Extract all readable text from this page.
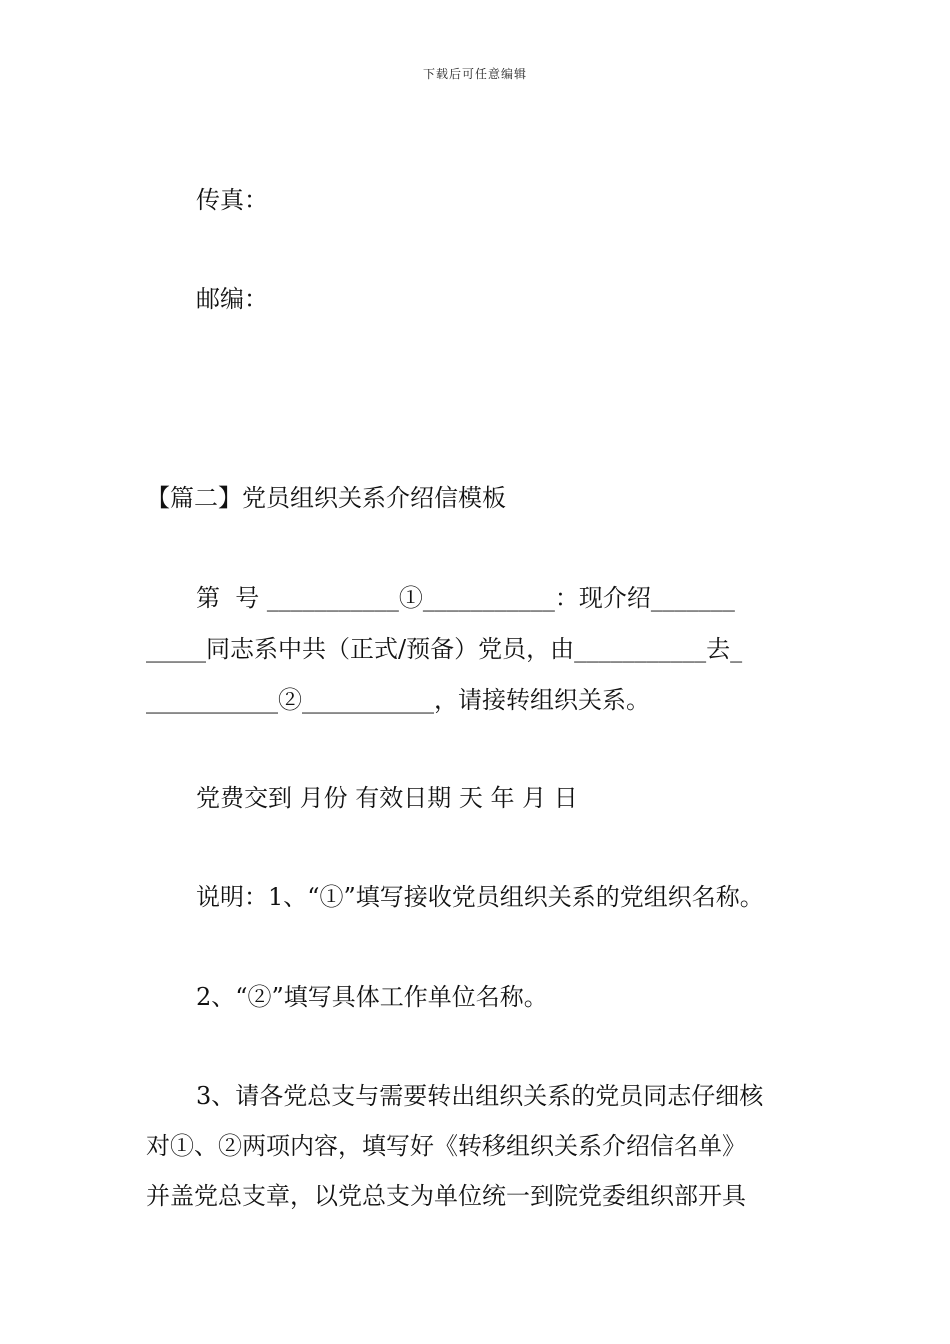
下载后可任意编辑
传真：
邮编：
【篇二】党员组织关系介绍信模板
第  号 ___________①___________：现介绍_______
_____同志系中共（正式/预备）党员，由___________去_
___________②___________，请接转组织关系。
党费交到 月份 有效日期 天 年 月 日
说明：1、“①”填写接收党员组织关系的党组织名称。
2、“②”填写具体工作单位名称。
3、请各党总支与需要转出组织关系的党员同志仔细核
对①、②两项内容，填写好《转移组织关系介绍信名单》
并盖党总支章，以党总支为单位统一到院党委组织部开具
